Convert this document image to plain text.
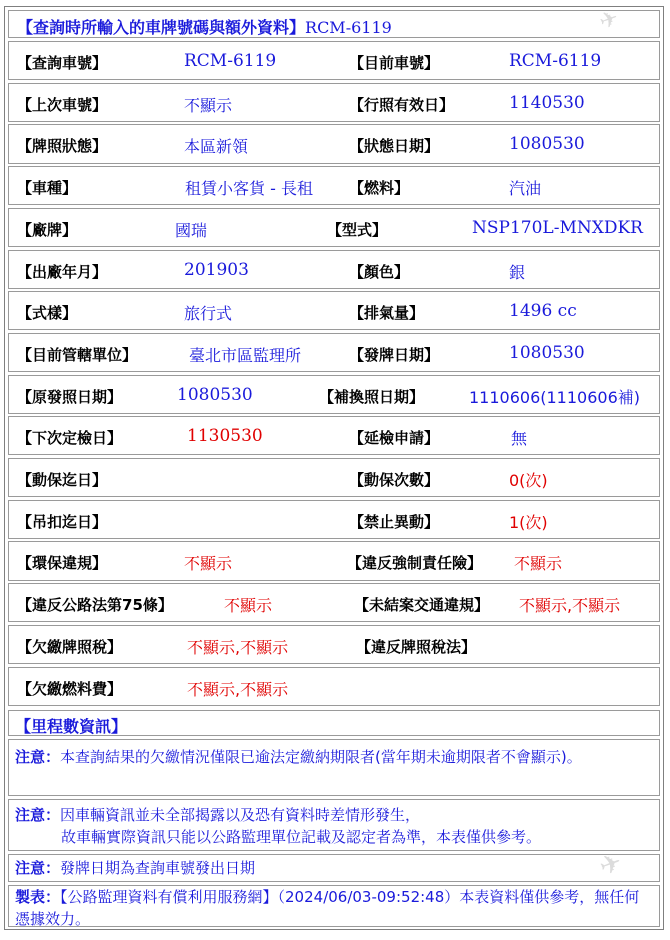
【查詢時所輸入的車牌號碼與額外資料】RCM-6119
【查詢車號】	RCM-6119	【目前車號】	RCM-6119
【上次車號】	不顯示	【行照有效日】	1140530
【牌照狀態】	本區新領	【狀態日期】	1080530
【車種】	租賃小客貨 - 長租 【燃料】	汽油
【廠牌】	國瑞	【型式】	NSP170L-MNXDKR
【出廠年月】	201903	【顏色】	銀
【式樣】	旅行式	【排氣量】	1496 cc
【目前管轄單位】	臺北市區監理所	【發牌日期】	1080530
【原發照日期】	1080530	【補換照日期】	1110606(1110606補)
【下次定檢日】	1130530	【延檢申請】	無
【動保迄日】	【動保次數】	0(次)
【吊扣迄日】	【禁止異動】	1(次)
【環保違規】	不顯示	【違反強制責任險】 不顯示
【違反公路法第75條】	不顯示	【未結案交通違規】 不顯示,不顯示
【欠繳牌照稅】	不顯示,不顯示	【違反牌照稅法】
【欠繳燃料費】	不顯示,不顯示
【里程數資訊】
注意：本查詢結果的欠繳情況僅限已逾法定繳納期限者(當年期未逾期限者不會顯示)。
注意：因車輛資訊並未全部揭露以及恐有資料時差情形發生，
故車輛實際資訊只能以公路監理單位記載及認定者為準，本表僅供參考。
注意：發牌日期為查詢車號發出日期
製表：【公路監理資料有償利用服務網】（2024/06/03-09:52:48）本表資料僅供參考，無任何憑據效力。
✈
✈
